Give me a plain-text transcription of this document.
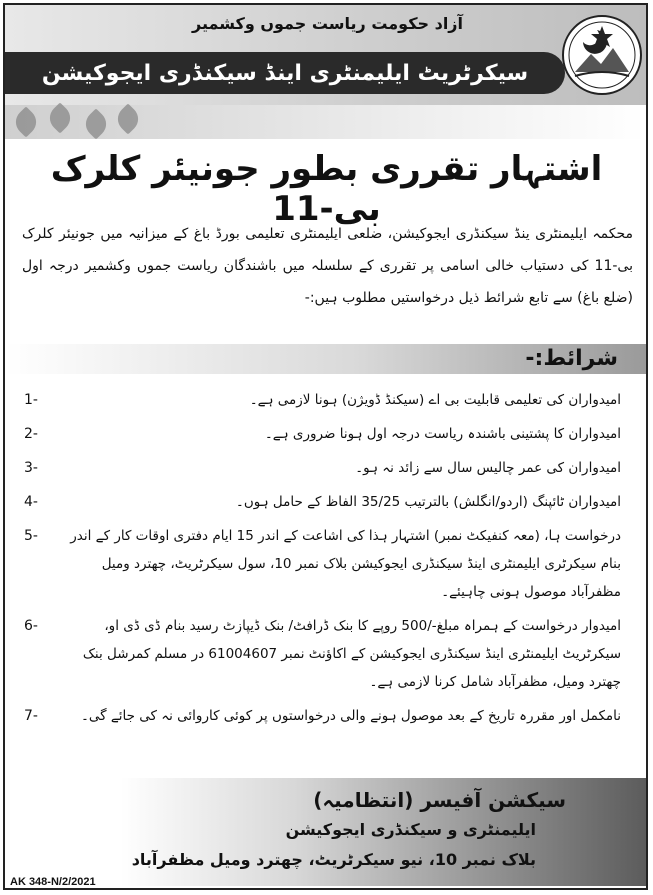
آزاد حکومت ریاست جموں وکشمیر
سیکرٹریٹ ایلیمنٹری اینڈ سیکنڈری ایجوکیشن
اشتہار تقرری بطور جونیئر کلرک بی-11
محکمہ ایلیمنٹری ینڈ سیکنڈری ایجوکیشن، ضلعی ایلیمنٹری تعلیمی بورڈ باغ کے میزانیہ میں جونیئر کلرک بی-11 کی دستیاب خالی اسامی پر تقرری کے سلسلہ میں باشندگان ریاست جموں وکشمیر درجہ اول (ضلع باغ) سے تابع شرائط ذیل درخواستیں مطلوب ہیں:-
شرائط:-
1-	امیدواران کی تعلیمی قابلیت بی اے (سیکنڈ ڈویژن) ہونا لازمی ہے۔
2-	امیدواران کا پشتینی باشندہ ریاست درجہ اول ہونا ضروری ہے۔
3-	امیدواران کی عمر چالیس سال سے زائد نہ ہو۔
4-	امیدواران ٹائپنگ (اردو/انگلش) بالترتیب 35/25 الفاظ کے حامل ہوں۔
5- درخواست ہا، (معہ کنفیکٹ نمبر) اشتہار ہذا کی اشاعت کے اندر 15 ایام دفتری اوقات کار کے اندر بنام سیکرٹری ایلیمنٹری اینڈ سیکنڈری ایجوکیشن بلاک نمبر 10، سول سیکرٹریٹ، چھترد ومیل مظفرآباد موصول ہونی چاہیئے۔
6-	امیدوار درخواست کے ہمراہ مبلغ-/500 روپے کا بنک ڈرافٹ/ بنک ڈیپازٹ رسید بنام ڈی ڈی او، سیکرٹریٹ ایلیمنٹری اینڈ سیکنڈری ایجوکیشن کے اکاؤنٹ نمبر 61004607 در مسلم کمرشل بنک چھترد ومیل، مظفرآباد شامل کرنا لازمی ہے۔
7-	نامکمل اور مقررہ تاریخ کے بعد موصول ہونے والی درخواستوں پر کوئی کاروائی نہ کی جائے گی۔
سیکشن آفیسر (انتظامیہ)
ایلیمنٹری و سیکنڈری ایجوکیشن
بلاک نمبر 10، نیو سیکرٹریٹ، چھترد ومیل مظفرآباد
AK 348-N/2/2021
